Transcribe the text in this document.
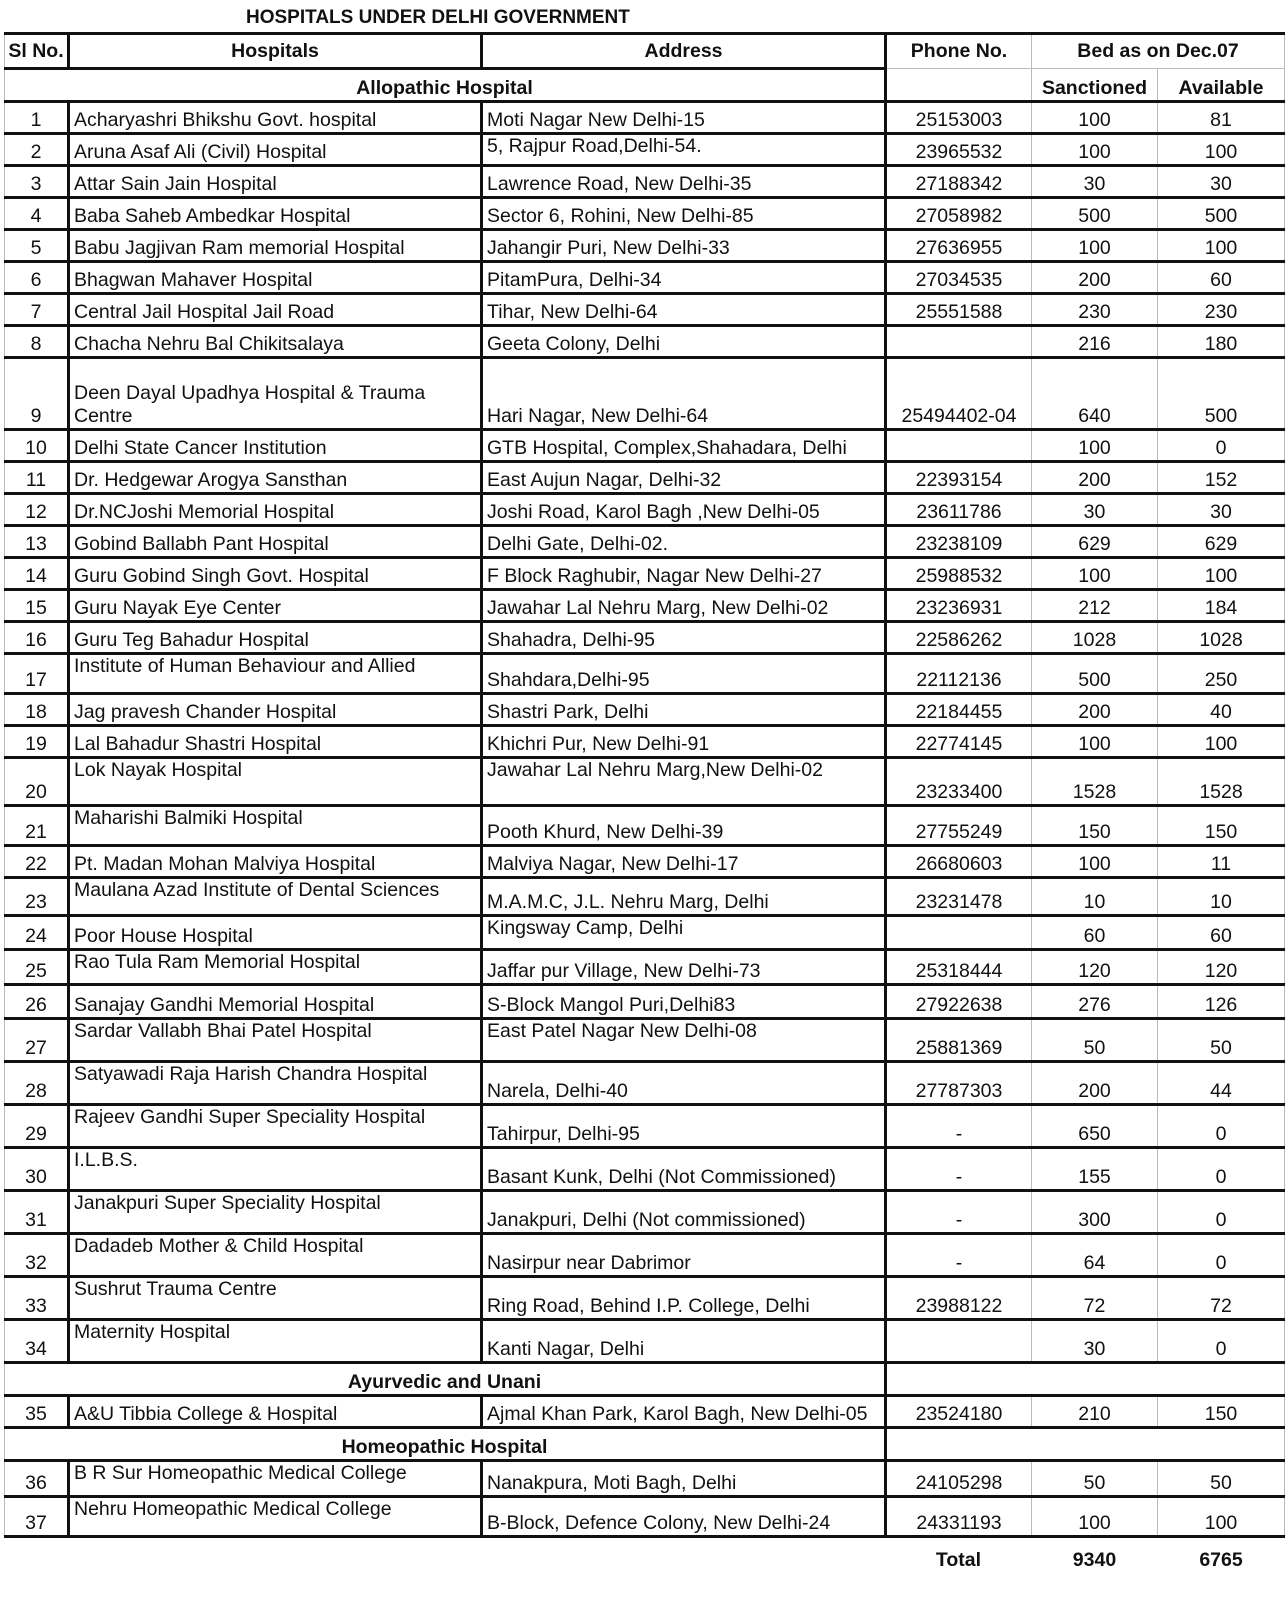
HOSPITALS UNDER DELHI GOVERNMENT
Sl No.	Hospitals	Address	Phone No.	Bed as on Dec.07	
Allopathic Hospital				Sanctioned	Available
1	Acharyashri Bhikshu Govt. hospital	Moti Nagar New Delhi-15	25153003	100	81
2	Aruna Asaf Ali (Civil) Hospital	5, Rajpur Road,Delhi-54.	23965532	100	100
3	Attar Sain Jain Hospital	Lawrence Road, New Delhi-35	27188342	30	30
4	Baba Saheb Ambedkar Hospital	Sector 6, Rohini, New Delhi-85	27058982	500	500
5	Babu Jagjivan Ram memorial Hospital	Jahangir Puri, New Delhi-33	27636955	100	100
6	Bhagwan Mahaver Hospital	PitamPura, Delhi-34	27034535	200	60
7	Central Jail Hospital Jail Road	Tihar, New Delhi-64	25551588	230	230
8	Chacha Nehru Bal Chikitsalaya	Geeta Colony, Delhi		216	180
9	Deen Dayal Upadhya Hospital & Trauma Centre	Hari Nagar, New Delhi-64	25494402-04	640	500
10	Delhi State Cancer Institution	GTB Hospital, Complex,Shahadara, Delhi		100	0
11	Dr. Hedgewar Arogya Sansthan	East Aujun Nagar, Delhi-32	22393154	200	152
12	Dr.NCJoshi Memorial Hospital	Joshi Road, Karol Bagh ,New Delhi-05	23611786	30	30
13	Gobind Ballabh Pant Hospital	Delhi Gate, Delhi-02.	23238109	629	629
14	Guru Gobind Singh Govt. Hospital	F Block Raghubir, Nagar New Delhi-27	25988532	100	100
15	Guru Nayak Eye Center	Jawahar Lal Nehru Marg, New Delhi-02	23236931	212	184
16	Guru Teg Bahadur Hospital	Shahadra, Delhi-95	22586262	1028	1028
17	Institute of Human Behaviour and Allied	Shahdara,Delhi-95	22112136	500	250
18	Jag pravesh Chander Hospital	Shastri Park, Delhi	22184455	200	40
19	Lal Bahadur Shastri Hospital	Khichri Pur, New Delhi-91	22774145	100	100
20	Lok Nayak Hospital	Jawahar Lal Nehru Marg,New Delhi-02	23233400	1528	1528
21	Maharishi Balmiki Hospital	Pooth Khurd, New Delhi-39	27755249	150	150
22	Pt. Madan Mohan Malviya Hospital	Malviya Nagar, New Delhi-17	26680603	100	11
23	Maulana Azad Institute of Dental Sciences	M.A.M.C, J.L. Nehru Marg, Delhi	23231478	10	10
24	Poor House Hospital	Kingsway Camp, Delhi		60	60
25	Rao Tula Ram Memorial Hospital	Jaffar pur Village, New Delhi-73	25318444	120	120
26	Sanajay Gandhi Memorial Hospital	S-Block Mangol Puri,Delhi83	27922638	276	126
27	Sardar Vallabh Bhai Patel Hospital	East Patel Nagar New Delhi-08	25881369	50	50
28	Satyawadi Raja Harish Chandra Hospital	Narela, Delhi-40	27787303	200	44
29	Rajeev Gandhi Super Speciality Hospital	Tahirpur, Delhi-95	-	650	0
30	I.L.B.S.	Basant Kunk, Delhi (Not Commissioned)	-	155	0
31	Janakpuri Super Speciality Hospital	Janakpuri, Delhi (Not commissioned)	-	300	0
32	Dadadeb Mother & Child Hospital	Nasirpur near Dabrimor	-	64	0
33	Sushrut Trauma Centre	Ring Road, Behind I.P. College, Delhi	23988122	72	72
34	Maternity Hospital	Kanti Nagar, Delhi		30	0
Ayurvedic and Unani					
35	A&U Tibbia College & Hospital	Ajmal Khan Park, Karol Bagh, New Delhi-05	23524180	210	150
Homeopathic Hospital					
36	B R Sur Homeopathic Medical College	Nanakpura, Moti Bagh, Delhi	24105298	50	50
37	Nehru Homeopathic Medical College	B-Block, Defence Colony, New Delhi-24	24331193	100	100
			Total	9340	6765
